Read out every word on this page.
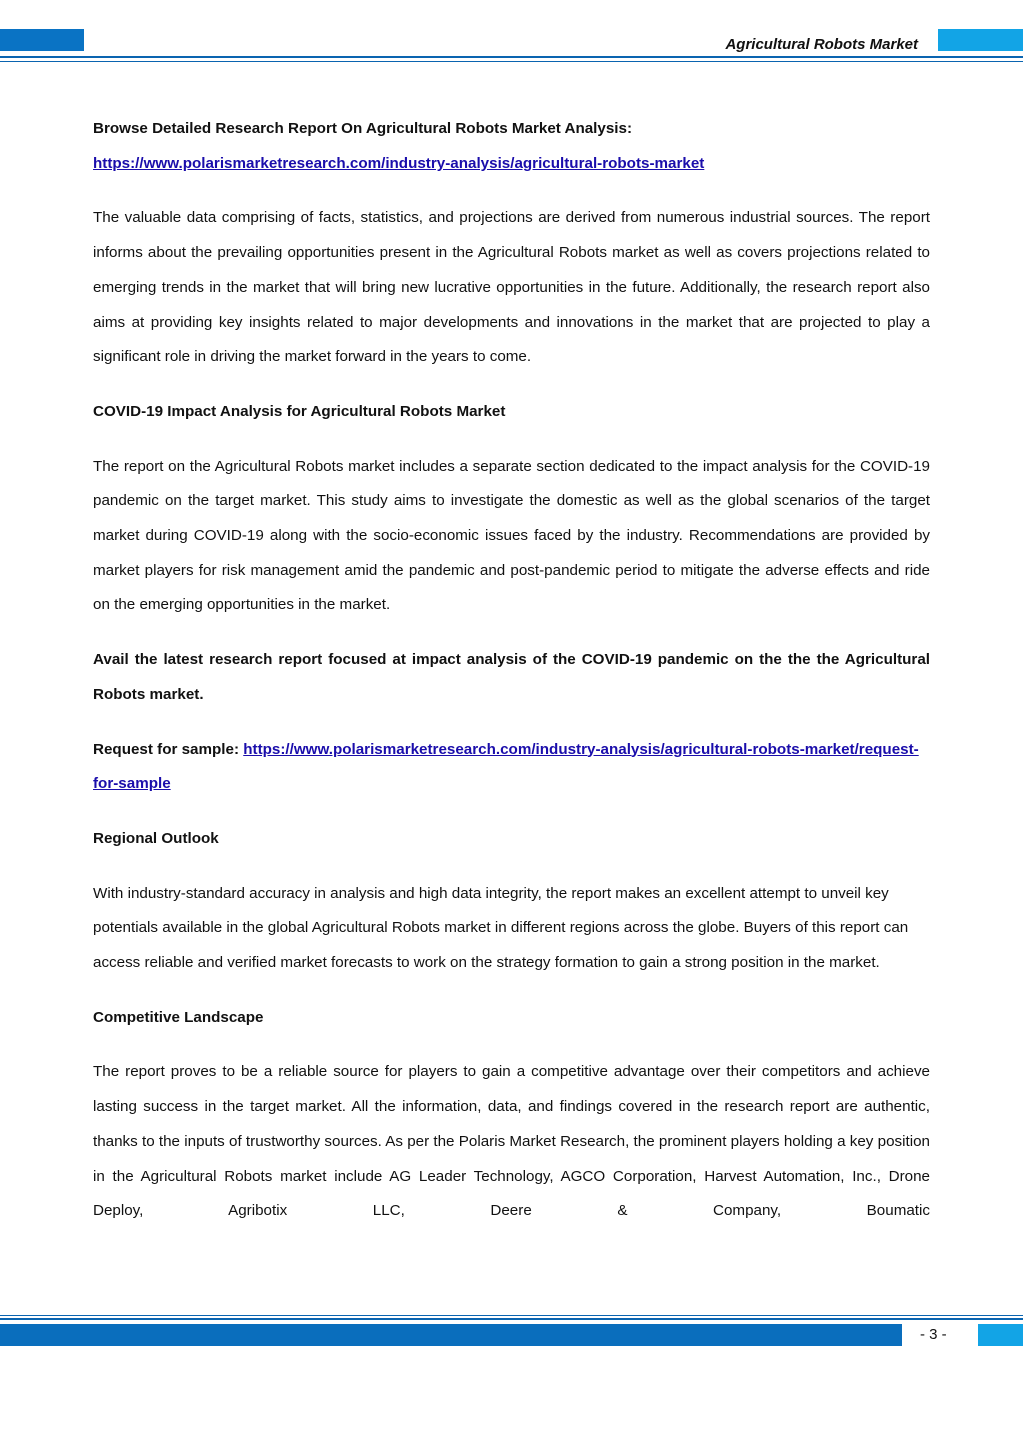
Agricultural Robots Market

Browse Detailed Research Report On Agricultural Robots Market Analysis:
https://www.polarismarketresearch.com/industry-analysis/agricultural-robots-market

The valuable data comprising of facts, statistics, and projections are derived from numerous industrial sources. The report informs about the prevailing opportunities present in the Agricultural Robots market as well as covers projections related to emerging trends in the market that will bring new lucrative opportunities in the future. Additionally, the research report also aims at providing key insights related to major developments and innovations in the market that are projected to play a significant role in driving the market forward in the years to come.

COVID-19 Impact Analysis for Agricultural Robots Market

The report on the Agricultural Robots market includes a separate section dedicated to the impact analysis for the COVID-19 pandemic on the target market. This study aims to investigate the domestic as well as the global scenarios of the target market during COVID-19 along with the socio-economic issues faced by the industry. Recommendations are provided by market players for risk management amid the pandemic and post-pandemic period to mitigate the adverse effects and ride on the emerging opportunities in the market.

Avail the latest research report focused at impact analysis of the COVID-19 pandemic on the the the Agricultural Robots market.

Request for sample: https://www.polarismarketresearch.com/industry-analysis/agricultural-robots-market/request-for-sample

Regional Outlook

With industry-standard accuracy in analysis and high data integrity, the report makes an excellent attempt to unveil key potentials available in the global Agricultural Robots market in different regions across the globe. Buyers of this report can access reliable and verified market forecasts to work on the strategy formation to gain a strong position in the market.

Competitive Landscape

The report proves to be a reliable source for players to gain a competitive advantage over their competitors and achieve lasting success in the target market. All the information, data, and findings covered in the research report are authentic, thanks to the inputs of trustworthy sources. As per the Polaris Market Research, the prominent players holding a key position in the Agricultural Robots market include AG Leader Technology, AGCO Corporation, Harvest Automation, Inc., Drone Deploy, Agribotix LLC, Deere & Company, Boumatic

- 3 -
